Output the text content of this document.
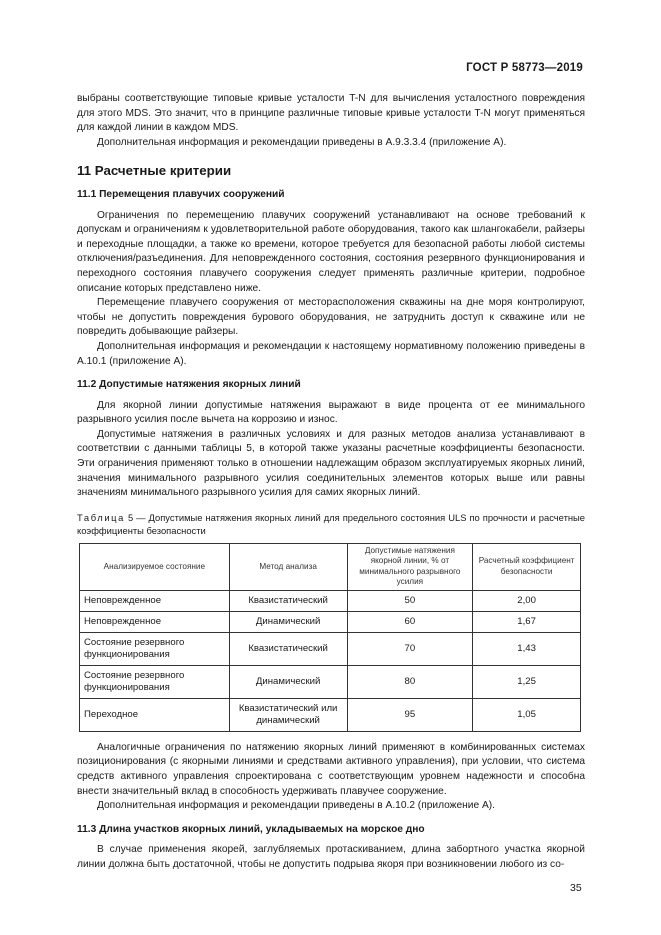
ГОСТ Р 58773—2019

выбраны соответствующие типовые кривые усталости T-N для вычисления усталостного повреждения для этого MDS. Это значит, что в принципе различные типовые кривые усталости T-N могут применяться для каждой линии в каждом MDS.

Дополнительная информация и рекомендации приведены в А.9.3.3.4 (приложение А).

11 Расчетные критерии
11.1 Перемещения плавучих сооружений

Ограничения по перемещению плавучих сооружений устанавливают на основе требований к допускам и ограничениям к удовлетворительной работе оборудования, такого как шлангокабели, райзеры и переходные площадки, а также ко времени, которое требуется для безопасной работы любой системы отключения/разъединения. Для неповрежденного состояния, состояния резервного функционирования и переходного состояния плавучего сооружения следует применять различные критерии, подробное описание которых представлено ниже.

Перемещение плавучего сооружения от месторасположения скважины на дне моря контролируют, чтобы не допустить повреждения бурового оборудования, не затруднить доступ к скважине или не повредить добывающие райзеры.

Дополнительная информация и рекомендации к настоящему нормативному положению приведены в А.10.1 (приложение А).

11.2 Допустимые натяжения якорных линий

Для якорной линии допустимые натяжения выражают в виде процента от ее минимального разрывного усилия после вычета на коррозию и износ.

Допустимые натяжения в различных условиях и для разных методов анализа устанавливают в соответствии с данными таблицы 5, в которой также указаны расчетные коэффициенты безопасности. Эти ограничения применяют только в отношении надлежащим образом эксплуатируемых якорных линий, значения минимального разрывного усилия соединительных элементов которых выше или равны значениям минимального разрывного усилия для самих якорных линий.

Таблица 5 — Допустимые натяжения якорных линий для предельного состояния ULS по прочности и расчетные коэффициенты безопасности

Анализируемое состояние	Метод анализа	Допустимые натяжения якорной линии, % от минимального разрывного усилия	Расчетный коэффициент безопасности
Неповрежденное	Квазистатический	50	2,00
Неповрежденное	Динамический	60	1,67
Состояние резервного функционирования	Квазистатический	70	1,43
Состояние резервного функционирования	Динамический	80	1,25
Переходное	Квазистатический или динамический	95	1,05

Аналогичные ограничения по натяжению якорных линий применяют в комбинированных системах позиционирования (с якорными линиями и средствами активного управления), при условии, что система средств активного управления спроектирована с соответствующим уровнем надежности и способна внести значительный вклад в способность удерживать плавучее сооружение.

Дополнительная информация и рекомендации приведены в А.10.2 (приложение А).

11.3 Длина участков якорных линий, укладываемых на морское дно

В случае применения якорей, заглубляемых протаскиванием, длина забортного участка якорной линии должна быть достаточной, чтобы не допустить подрыва якоря при возникновении любого из со-

35
